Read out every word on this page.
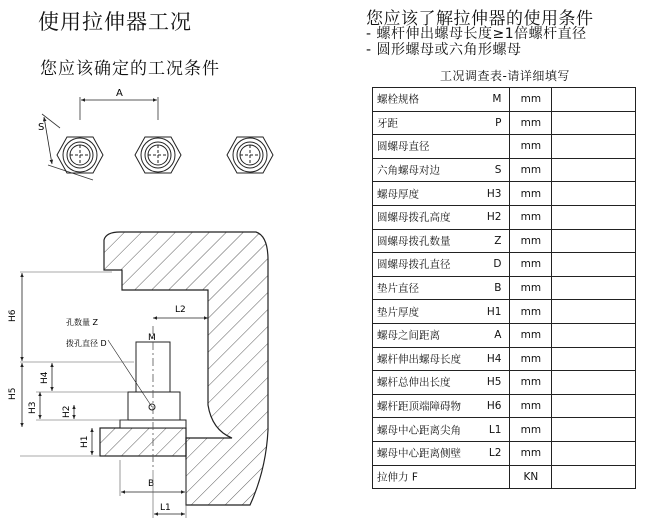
使用拉伸器工况
您应该确定的工况条件
您应该了解拉伸器的使用条件
- 螺杆伸出螺母长度≥1倍螺杆直径
- 圆形螺母或六角形螺母
A
S
M
L2
孔数量 Z
拨孔直径 D
H6
H5
H4
H3	H2
H1
B
L1
工况调查表-请详细填写
螺栓规格 M	mm	

牙距 P	mm	

圆螺母直径	mm	

六角螺母对边 S	mm	

螺母厚度 H3	mm	

圆螺母拨孔高度 H2	mm	

圆螺母拨孔数量 Z	mm	

圆螺母拨孔直径 D	mm	

垫片直径 B	mm	

垫片厚度 H1	mm	

螺母之间距离 A	mm	

螺杆伸出螺母长度 H4	mm	

螺杆总伸出长度 H5	mm	

螺杆距顶端障碍物 H6	mm	

螺母中心距离尖角 L1	mm	

螺母中心距离侧壁 L2	mm	

拉伸力 F	KN	
